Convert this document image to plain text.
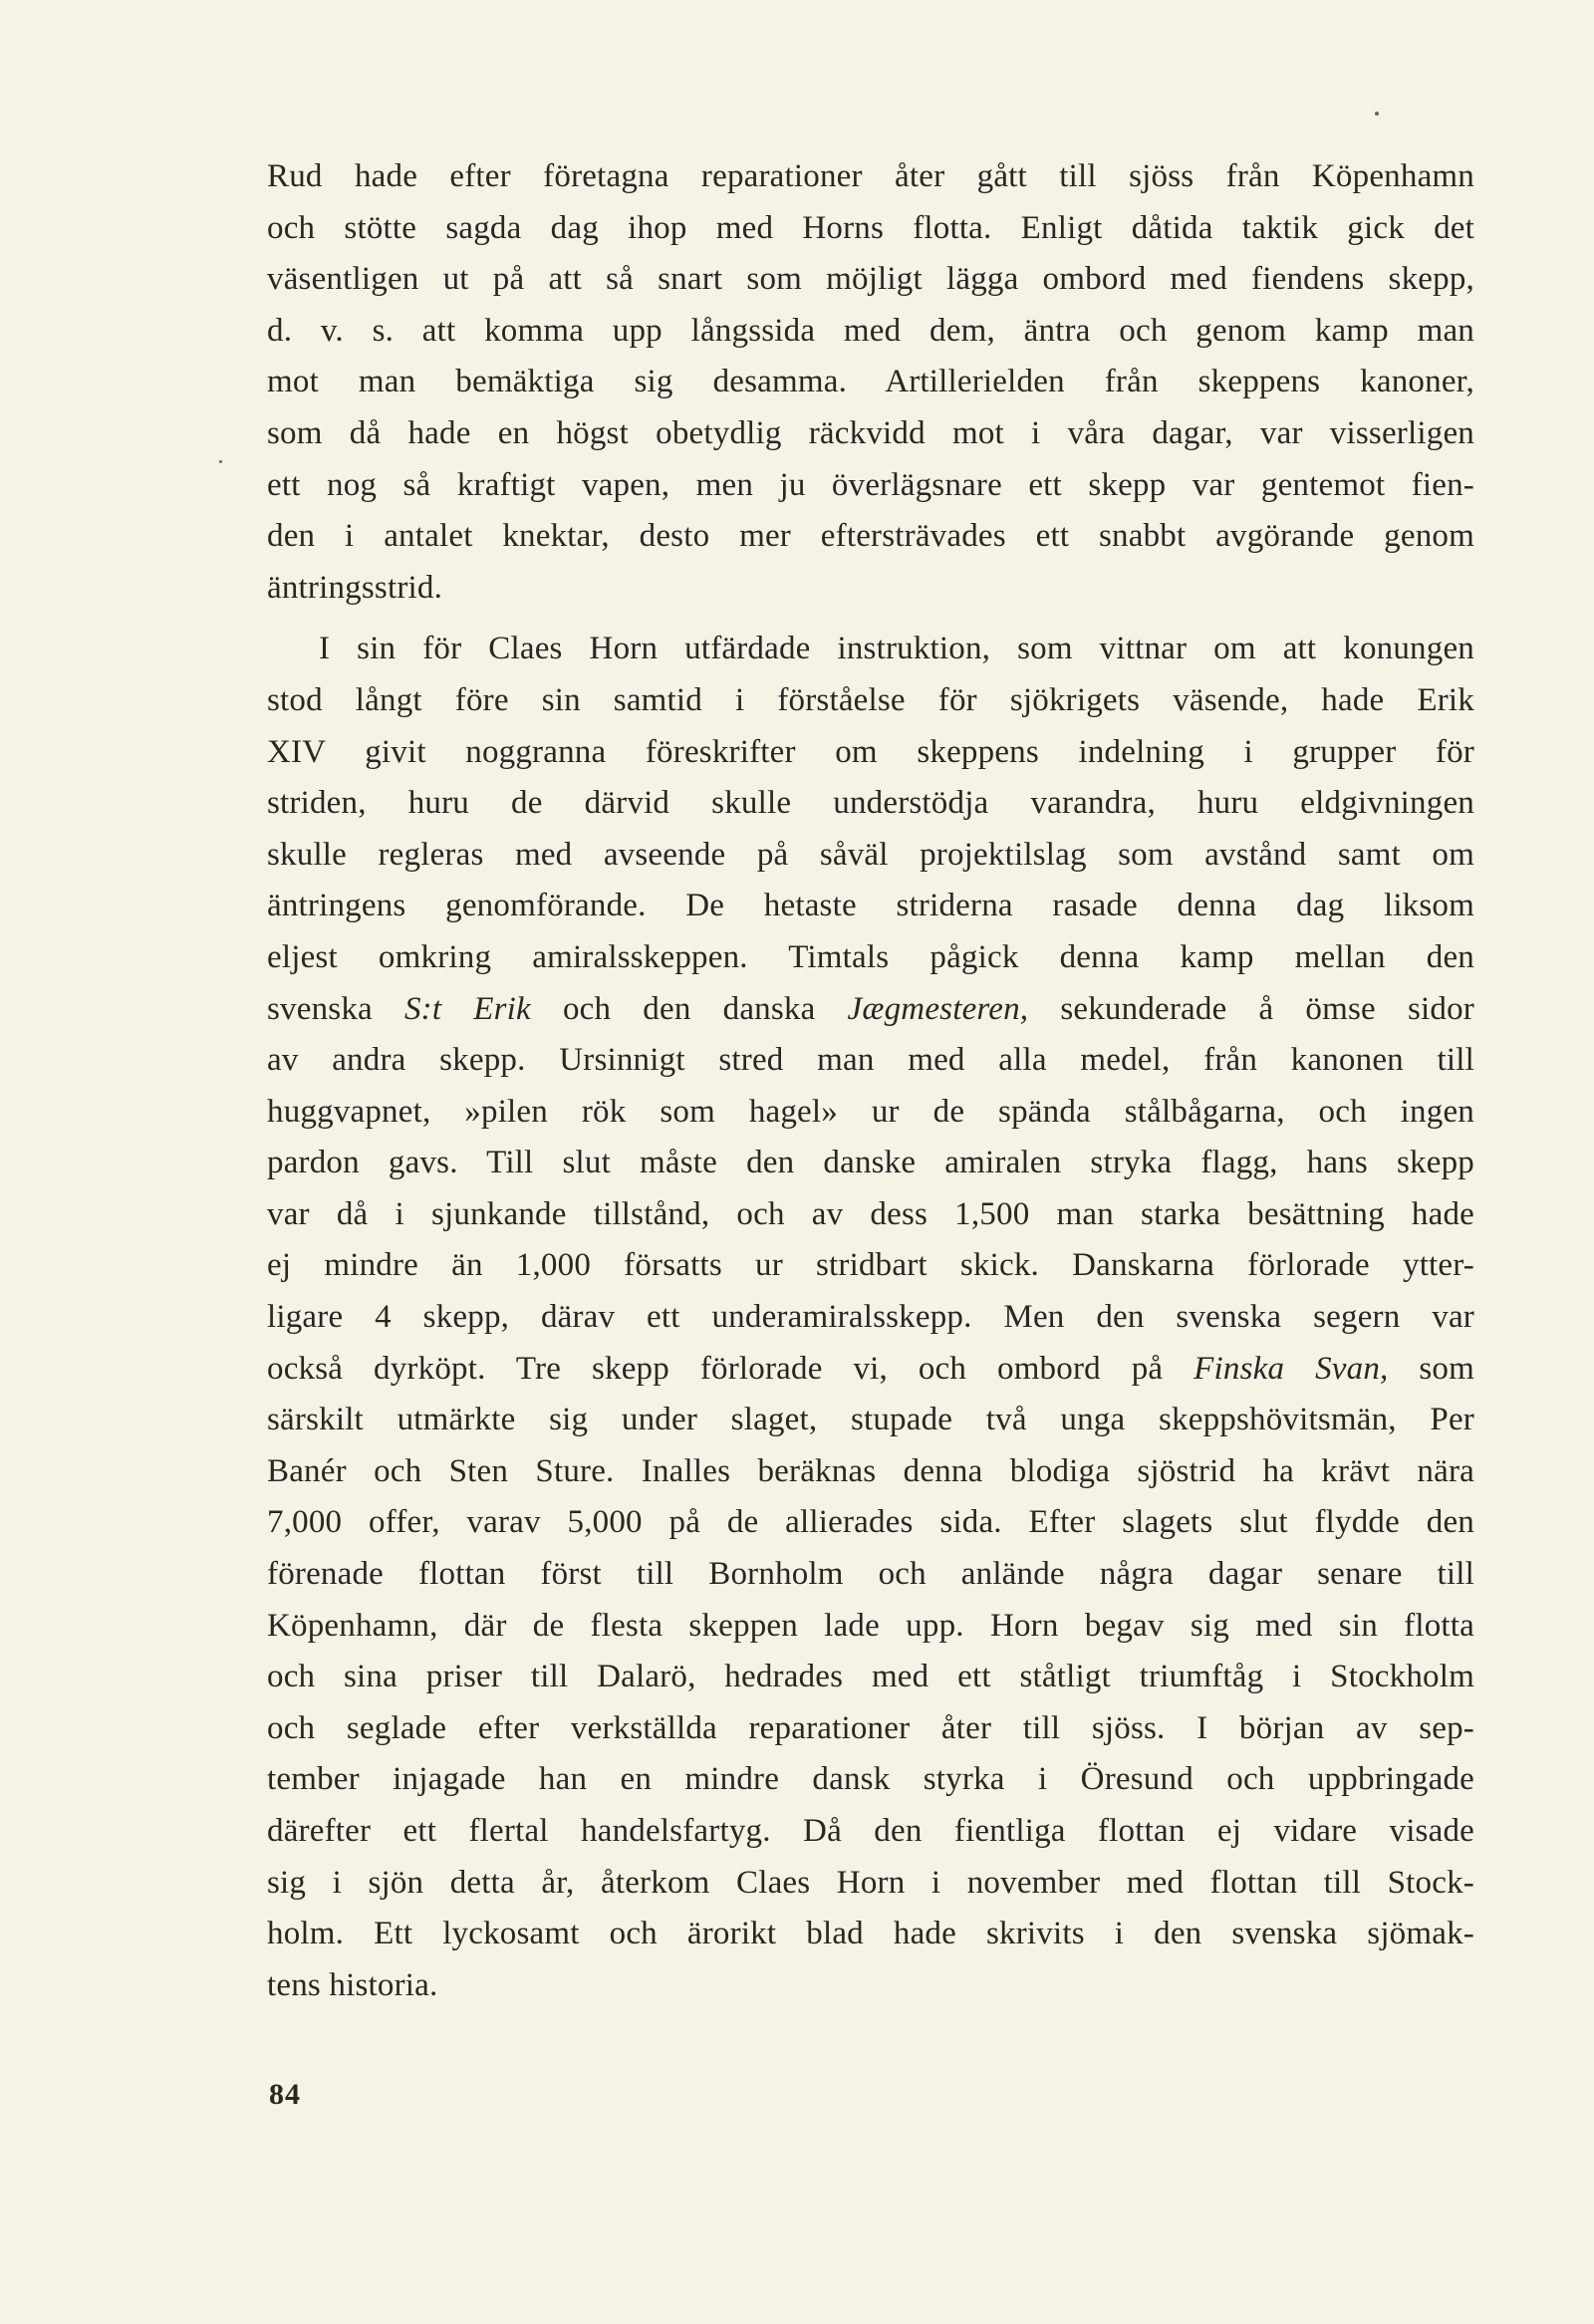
Rud hade efter företagna reparationer åter gått till sjöss från Köpenhamn
och stötte sagda dag ihop med Horns flotta. Enligt dåtida taktik gick det
väsentligen ut på att så snart som möjligt lägga ombord med fiendens skepp,
d. v. s. att komma upp långssida med dem, äntra och genom kamp man
mot man bemäktiga sig desamma. Artillerielden från skeppens kanoner,
som då hade en högst obetydlig räckvidd mot i våra dagar, var visserligen
ett nog så kraftigt vapen, men ju överlägsnare ett skepp var gentemot fien-
den i antalet knektar, desto mer eftersträvades ett snabbt avgörande genom
äntringsstrid.
I sin för Claes Horn utfärdade instruktion, som vittnar om att konungen
stod långt före sin samtid i förståelse för sjökrigets väsende, hade Erik
XIV givit noggranna föreskrifter om skeppens indelning i grupper för
striden, huru de därvid skulle understödja varandra, huru eldgivningen
skulle regleras med avseende på såväl projektilslag som avstånd samt om
äntringens genomförande. De hetaste striderna rasade denna dag liksom
eljest omkring amiralsskeppen. Timtals pågick denna kamp mellan den
svenska S:t Erik och den danska Jægmesteren, sekunderade å ömse sidor
av andra skepp. Ursinnigt stred man med alla medel, från kanonen till
huggvapnet, »pilen rök som hagel» ur de spända stålbågarna, och ingen
pardon gavs. Till slut måste den danske amiralen stryka flagg, hans skepp
var då i sjunkande tillstånd, och av dess 1,500 man starka besättning hade
ej mindre än 1,000 försatts ur stridbart skick. Danskarna förlorade ytter-
ligare 4 skepp, därav ett underamiralsskepp. Men den svenska segern var
också dyrköpt. Tre skepp förlorade vi, och ombord på Finska Svan, som
särskilt utmärkte sig under slaget, stupade två unga skeppshövitsmän, Per
Banér och Sten Sture. Inalles beräknas denna blodiga sjöstrid ha krävt nära
7,000 offer, varav 5,000 på de allierades sida. Efter slagets slut flydde den
förenade flottan först till Bornholm och anlände några dagar senare till
Köpenhamn, där de flesta skeppen lade upp. Horn begav sig med sin flotta
och sina priser till Dalarö, hedrades med ett ståtligt triumftåg i Stockholm
och seglade efter verkställda reparationer åter till sjöss. I början av sep-
tember injagade han en mindre dansk styrka i Öresund och uppbringade
därefter ett flertal handelsfartyg. Då den fientliga flottan ej vidare visade
sig i sjön detta år, återkom Claes Horn i november med flottan till Stock-
holm. Ett lyckosamt och ärorikt blad hade skrivits i den svenska sjömak-
tens historia.
84
